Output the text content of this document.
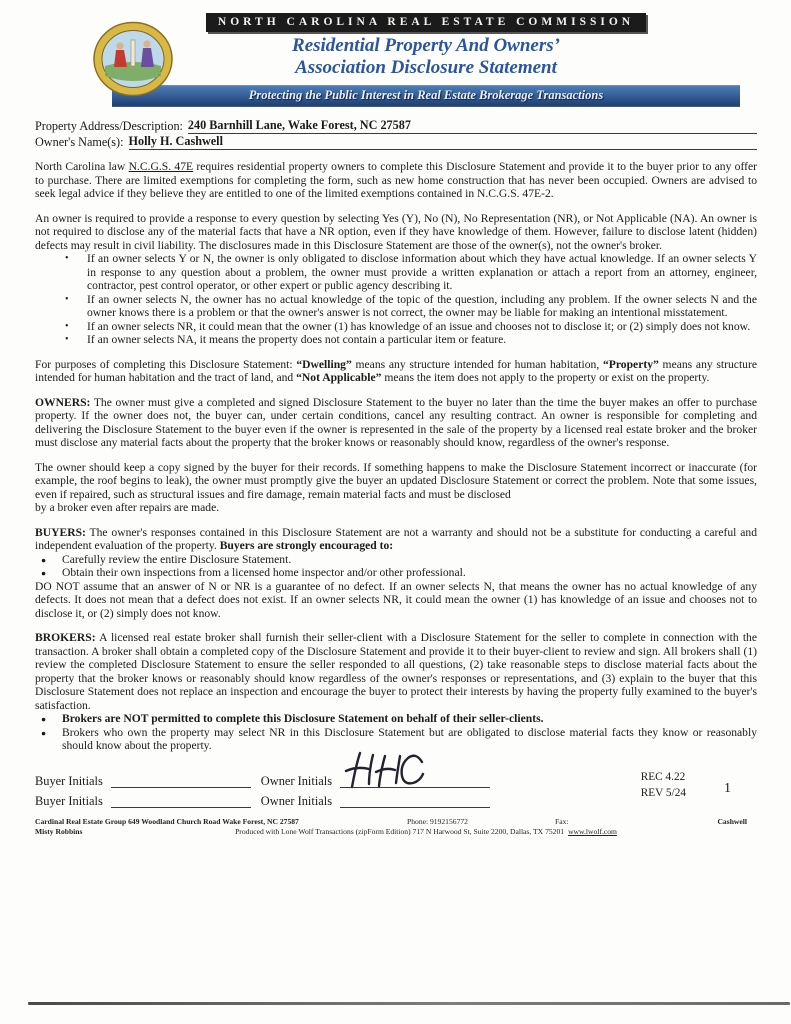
NORTH CAROLINA REAL ESTATE COMMISSION
Residential Property And Owners’
Association Disclosure Statement
Protecting the Public Interest in Real Estate Brokerage Transactions
Property Address/Description: 240 Barnhill Lane, Wake Forest, NC 27587
Owner's Name(s): Holly H. Cashwell

North Carolina law N.C.G.S. 47E requires residential property owners to complete this Disclosure Statement and provide it to the buyer prior to any offer to purchase. There are limited exemptions for completing the form, such as new home construction that has never been occupied. Owners are advised to seek legal advice if they believe they are entitled to one of the limited exemptions contained in N.C.G.S. 47E-2.

An owner is required to provide a response to every question by selecting Yes (Y), No (N), No Representation (NR), or Not Applicable (NA). An owner is not required to disclose any of the material facts that have a NR option, even if they have knowledge of them. However, failure to disclose latent (hidden) defects may result in civil liability. The disclosures made in this Disclosure Statement are those of the owner(s), not the owner's broker.

• If an owner selects Y or N, the owner is only obligated to disclose information about which they have actual knowledge. If an owner selects Y in response to any question about a problem, the owner must provide a written explanation or attach a report from an attorney, engineer, contractor, pest control operator, or other expert or public agency describing it.
• If an owner selects N, the owner has no actual knowledge of the topic of the question, including any problem. If the owner selects N and the owner knows there is a problem or that the owner's answer is not correct, the owner may be liable for making an intentional misstatement.
• If an owner selects NR, it could mean that the owner (1) has knowledge of an issue and chooses not to disclose it; or (2) simply does not know.
• If an owner selects NA, it means the property does not contain a particular item or feature.

For purposes of completing this Disclosure Statement: “Dwelling” means any structure intended for human habitation, “Property” means any structure intended for human habitation and the tract of land, and “Not Applicable” means the item does not apply to the property or exist on the property.

OWNERS: The owner must give a completed and signed Disclosure Statement to the buyer no later than the time the buyer makes an offer to purchase property. If the owner does not, the buyer can, under certain conditions, cancel any resulting contract. An owner is responsible for completing and delivering the Disclosure Statement to the buyer even if the owner is represented in the sale of the property by a licensed real estate broker and the broker must disclose any material facts about the property that the broker knows or reasonably should know, regardless of the owner's response.

The owner should keep a copy signed by the buyer for their records. If something happens to make the Disclosure Statement incorrect or inaccurate (for example, the roof begins to leak), the owner must promptly give the buyer an updated Disclosure Statement or correct the problem. Note that some issues, even if repaired, such as structural issues and fire damage, remain material facts and must be disclosed
by a broker even after repairs are made.

BUYERS: The owner's responses contained in this Disclosure Statement are not a warranty and should not be a substitute for conducting a careful and independent evaluation of the property. Buyers are strongly encouraged to:

● Carefully review the entire Disclosure Statement.
● Obtain their own inspections from a licensed home inspector and/or other professional.

DO NOT assume that an answer of N or NR is a guarantee of no defect. If an owner selects N, that means the owner has no actual knowledge of any defects. It does not mean that a defect does not exist. If an owner selects NR, it could mean the owner (1) has knowledge of an issue and chooses not to disclose it, or (2) simply does not know.

BROKERS: A licensed real estate broker shall furnish their seller-client with a Disclosure Statement for the seller to complete in connection with the transaction. A broker shall obtain a completed copy of the Disclosure Statement and provide it to their buyer-client to review and sign. All brokers shall (1) review the completed Disclosure Statement to ensure the seller responded to all questions, (2) take reasonable steps to disclose material facts about the property that the broker knows or reasonably should know regardless of the owner's responses or representations, and (3) explain to the buyer that this Disclosure Statement does not replace an inspection and encourage the buyer to protect their interests by having the property fully examined to the buyer's satisfaction.

● Brokers are NOT permitted to complete this Disclosure Statement on behalf of their seller-clients.
● Brokers who own the property may select NR in this Disclosure Statement but are obligated to disclose material facts they know or reasonably should know about the property.
Buyer Initials	Owner Initials
Buyer Initials	Owner Initials
REC 4.22
REV 5/24	1
Cardinal Real Estate Group 649 Woodland Church Road Wake Forest, NC 27587	Phone: 9192156772	Fax:	Cashwell
Misty Robbins	Produced with Lone Wolf Transactions (zipForm Edition) 717 N Harwood St, Suite 2200, Dallas, TX 75201 www.lwolf.com
